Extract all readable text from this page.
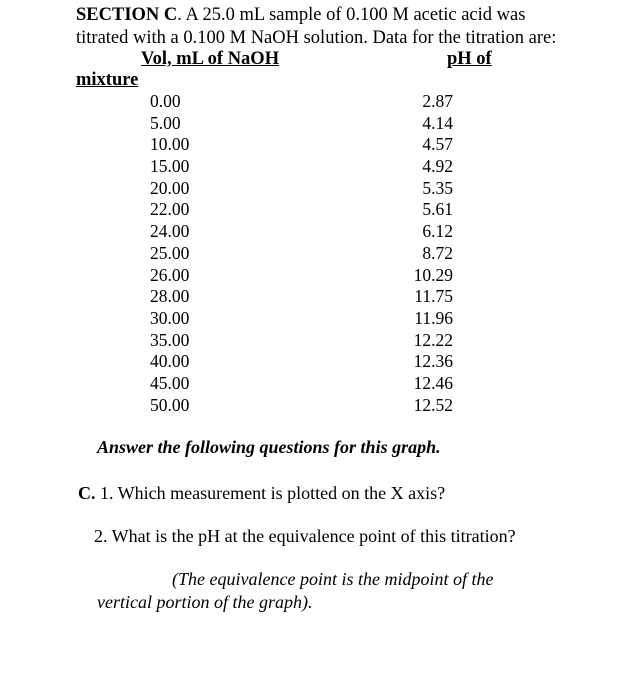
SECTION C. A 25.0 mL sample of 0.100 M acetic acid was
titrated with a 0.100 M NaOH solution. Data for the titration are:
Vol, mL of NaOH	pH of
mixture
0.00
5.00
10.00
15.00
20.00
22.00
24.00
25.00
26.00
28.00
30.00
35.00
40.00
45.00
50.00
2.87
4.14
4.57
4.92
5.35
5.61
6.12
8.72
10.29
11.75
11.96
12.22
12.36
12.46
12.52
Answer the following questions for this graph.
C. 1. Which measurement is plotted on the X axis?
2. What is the pH at the equivalence point of this titration?
(The equivalence point is the midpoint of the
vertical portion of the graph).
